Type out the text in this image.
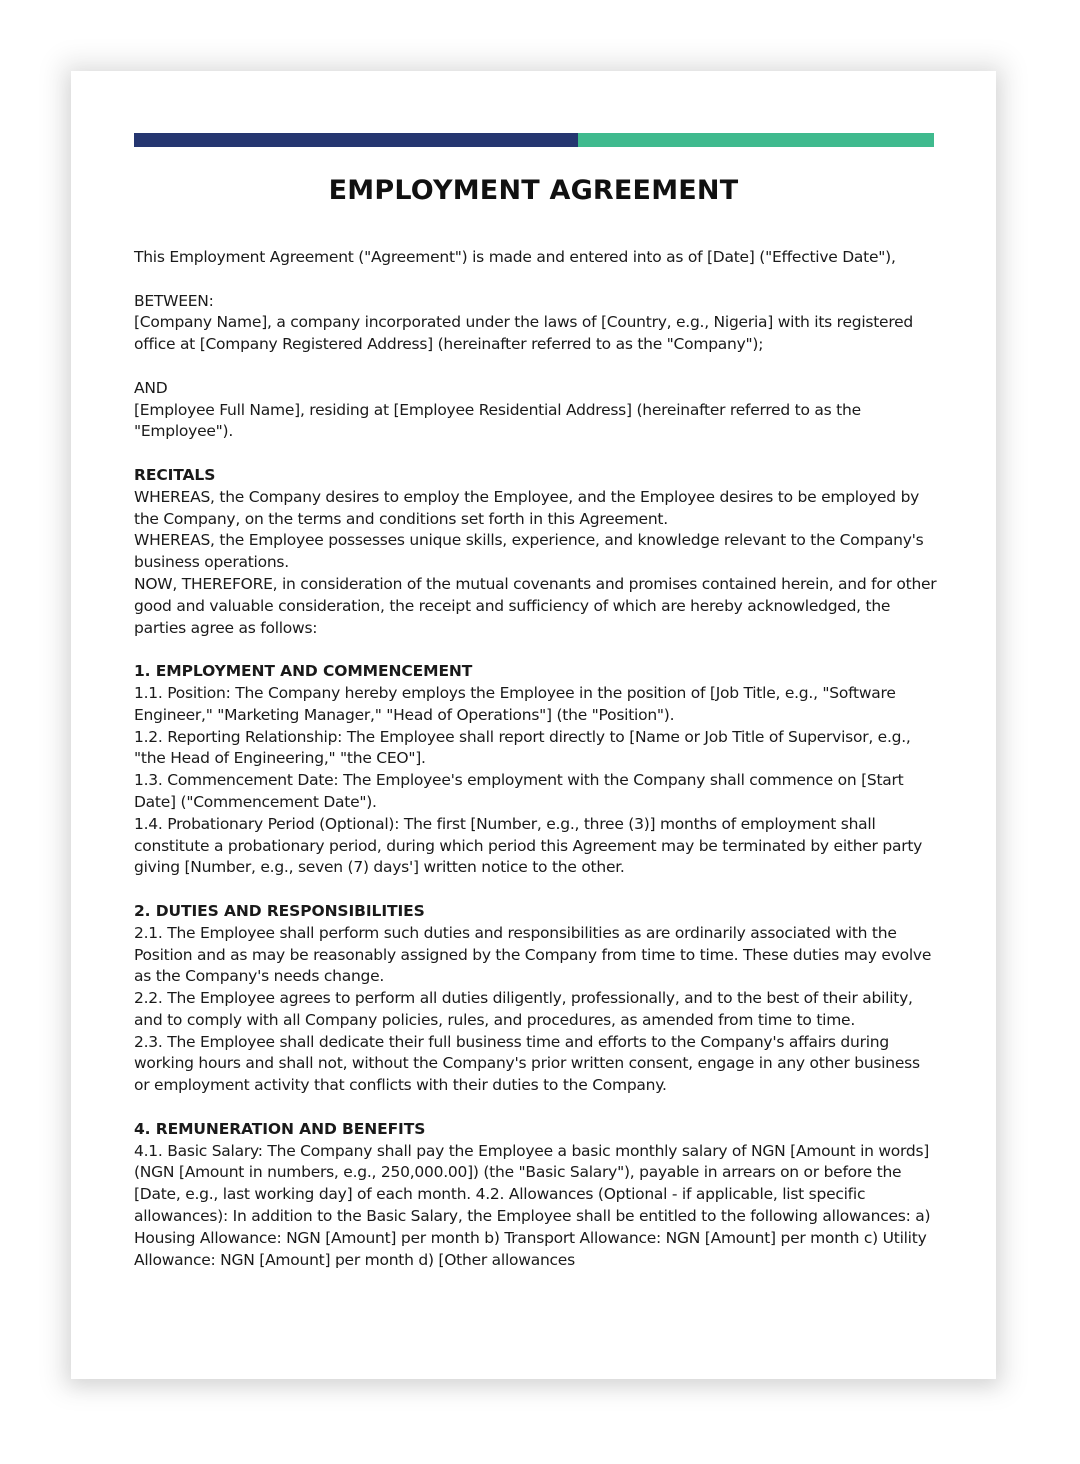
EMPLOYMENT AGREEMENT

This Employment Agreement ("Agreement") is made and entered into as of [Date] ("Effective Date"),

BETWEEN:

[Company Name], a company incorporated under the laws of [Country, e.g., Nigeria] with its registered office at [Company Registered Address] (hereinafter referred to as the "Company");

AND

[Employee Full Name], residing at [Employee Residential Address] (hereinafter referred to as the "Employee").

RECITALS

WHEREAS, the Company desires to employ the Employee, and the Employee desires to be employed by the Company, on the terms and conditions set forth in this Agreement.

WHEREAS, the Employee possesses unique skills, experience, and knowledge relevant to the Company's business operations.

NOW, THEREFORE, in consideration of the mutual covenants and promises contained herein, and for other good and valuable consideration, the receipt and sufficiency of which are hereby acknowledged, the parties agree as follows:

1. EMPLOYMENT AND COMMENCEMENT

1.1. Position: The Company hereby employs the Employee in the position of [Job Title, e.g., "Software Engineer," "Marketing Manager," "Head of Operations"] (the "Position").

1.2. Reporting Relationship: The Employee shall report directly to [Name or Job Title of Supervisor, e.g., "the Head of Engineering," "the CEO"].

1.3. Commencement Date: The Employee's employment with the Company shall commence on [Start Date] ("Commencement Date").

1.4. Probationary Period (Optional): The first [Number, e.g., three (3)] months of employment shall constitute a probationary period, during which period this Agreement may be terminated by either party giving [Number, e.g., seven (7) days'] written notice to the other.

2. DUTIES AND RESPONSIBILITIES

2.1. The Employee shall perform such duties and responsibilities as are ordinarily associated with the Position and as may be reasonably assigned by the Company from time to time. These duties may evolve as the Company's needs change.

2.2. The Employee agrees to perform all duties diligently, professionally, and to the best of their ability, and to comply with all Company policies, rules, and procedures, as amended from time to time.

2.3. The Employee shall dedicate their full business time and efforts to the Company's affairs during working hours and shall not, without the Company's prior written consent, engage in any other business or employment activity that conflicts with their duties to the Company.

4. REMUNERATION AND BENEFITS

4.1. Basic Salary: The Company shall pay the Employee a basic monthly salary of NGN [Amount in words] (NGN [Amount in numbers, e.g., 250,000.00]) (the "Basic Salary"), payable in arrears on or before the [Date, e.g., last working day] of each month. 4.2. Allowances (Optional - if applicable, list specific allowances): In addition to the Basic Salary, the Employee shall be entitled to the following allowances: a) Housing Allowance: NGN [Amount] per month b) Transport Allowance: NGN [Amount] per month c) Utility Allowance: NGN [Amount] per month d) [Other allowances
